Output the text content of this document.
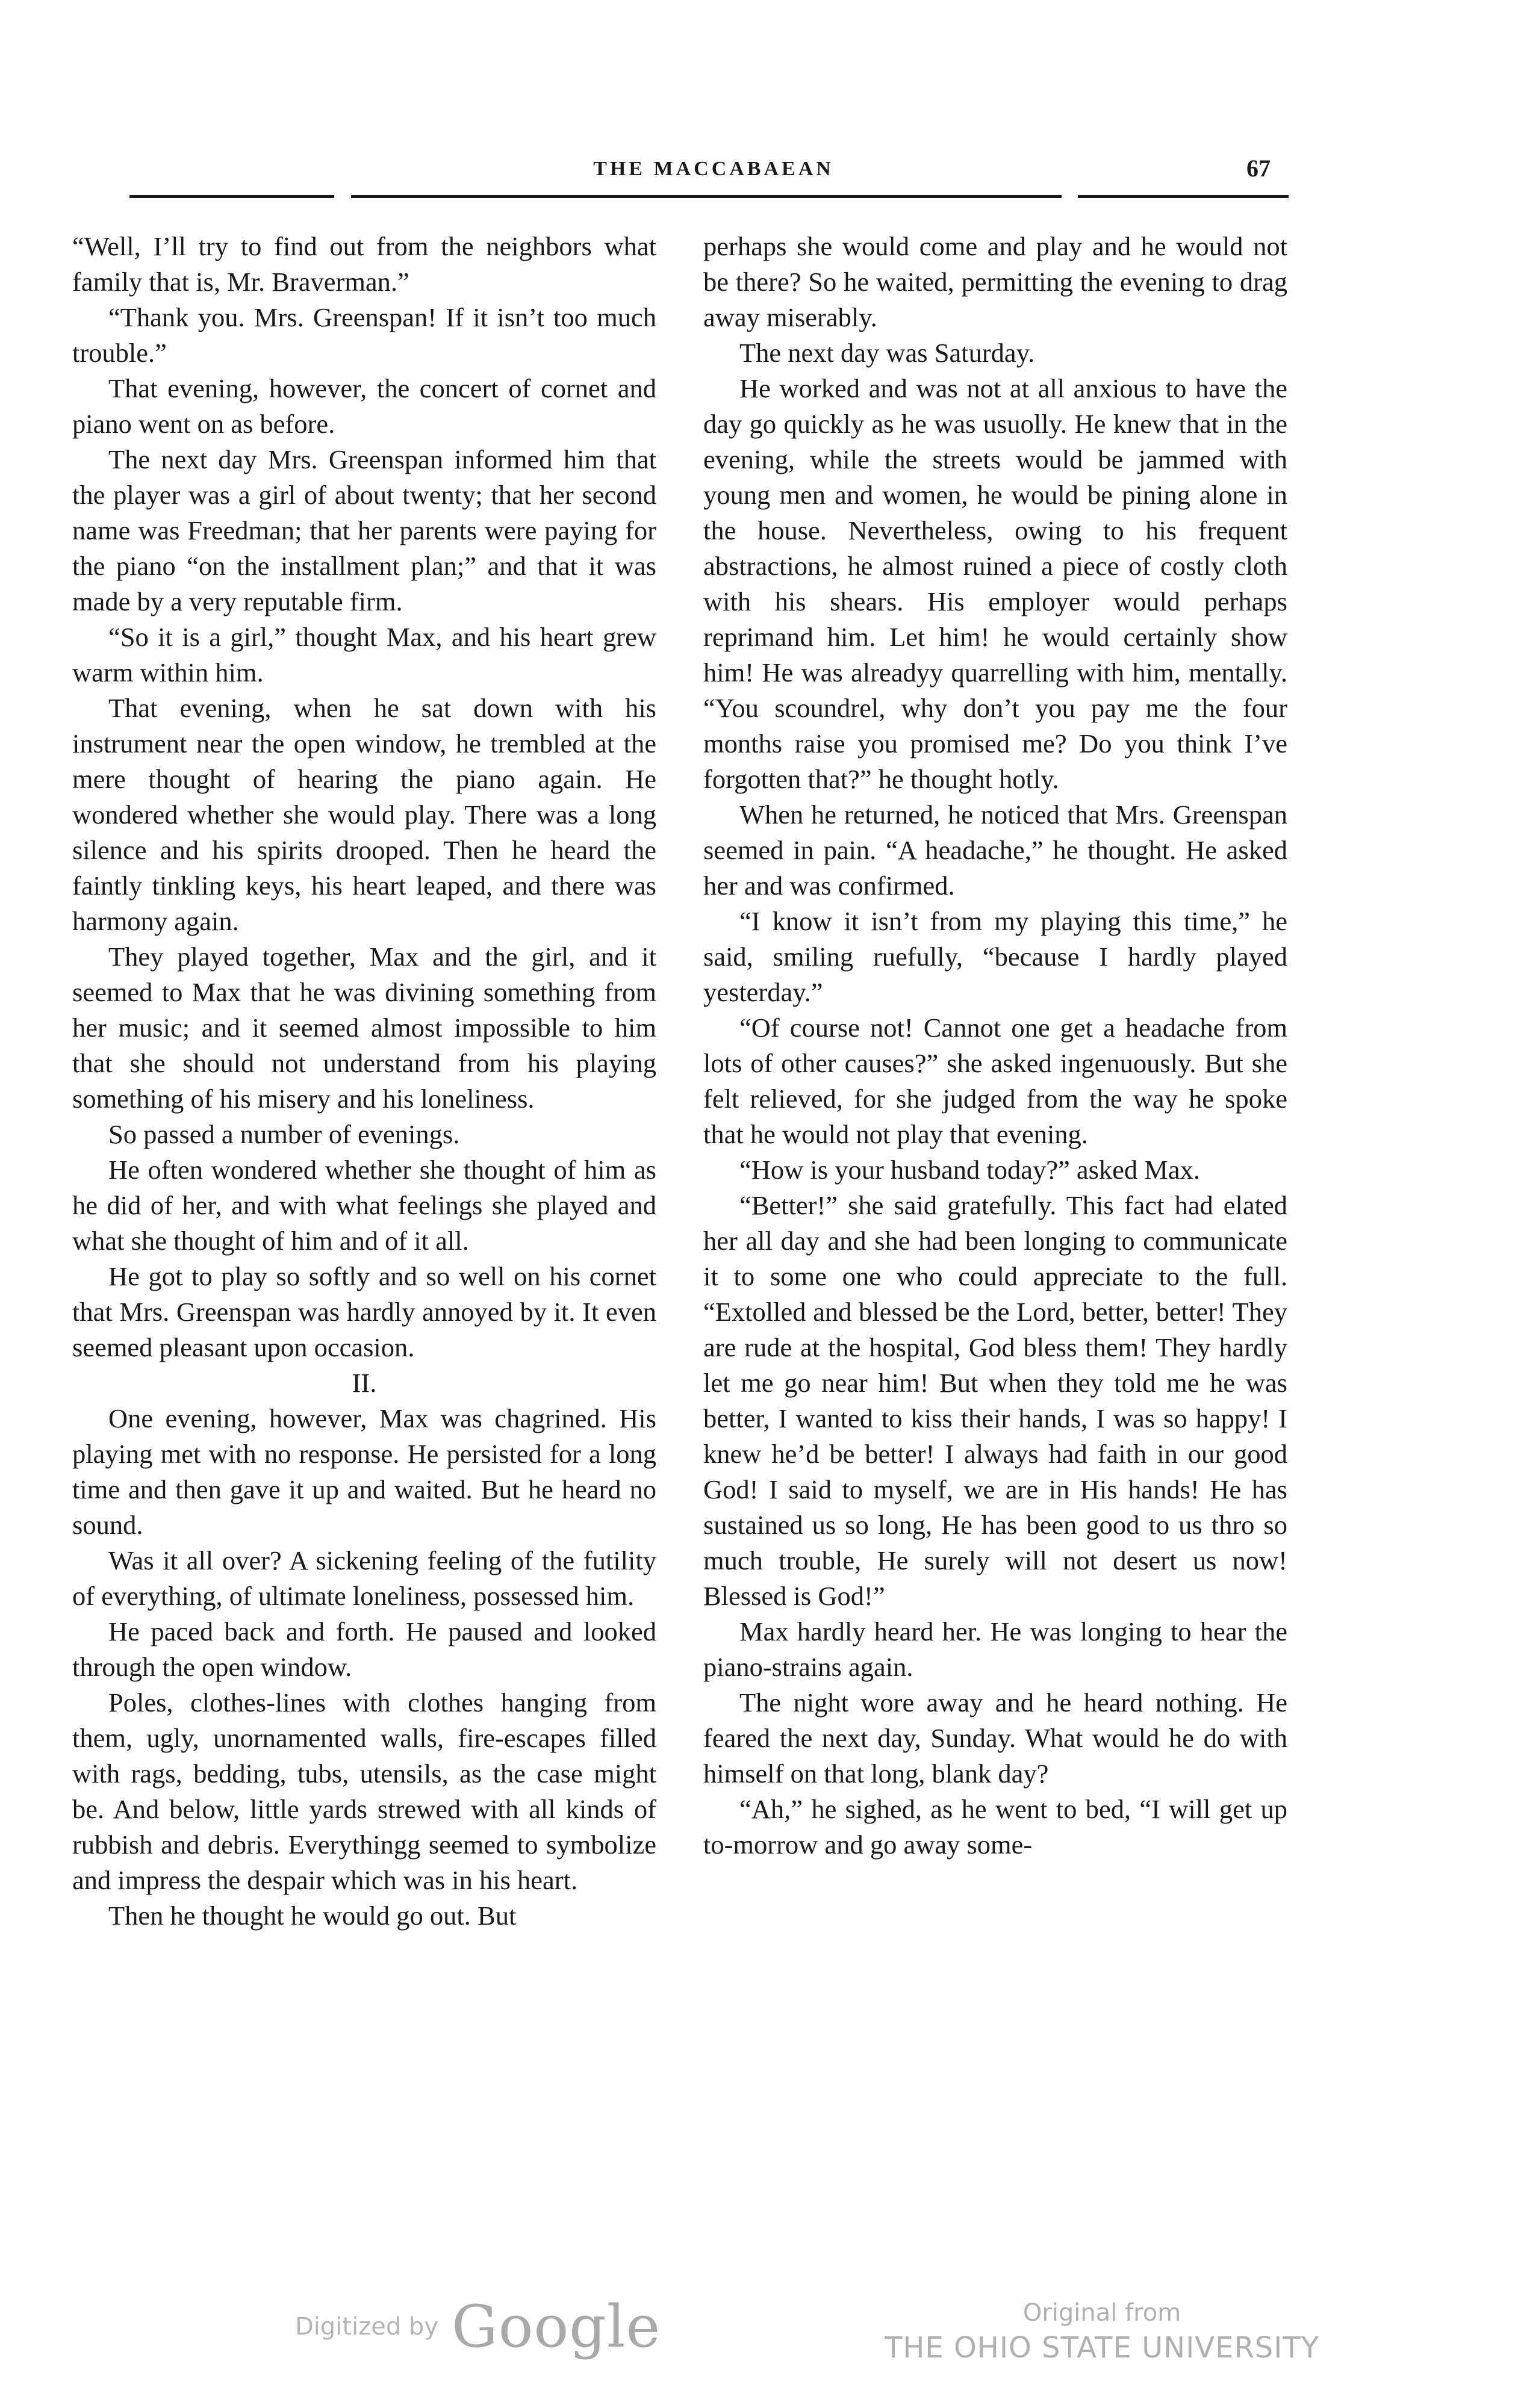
THE MACCABAEAN	67

“Well, I’ll try to find out from the neighbors what family that is, Mr. Braverman.”

“Thank you. Mrs. Greenspan! If it isn’t too much trouble.”

That evening, however, the concert of cornet and piano went on as before.

The next day Mrs. Greenspan informed him that the player was a girl of about twenty; that her second name was Freedman; that her parents were paying for the piano “on the installment plan;” and that it was made by a very reputable firm.

“So it is a girl,” thought Max, and his heart grew warm within him.

That evening, when he sat down with his instrument near the open window, he trembled at the mere thought of hearing the piano again. He wondered whether she would play. There was a long silence and his spirits drooped. Then he heard the faintly tinkling keys, his heart leaped, and there was harmony again.

They played together, Max and the girl, and it seemed to Max that he was divining something from her music; and it seemed almost impossible to him that she should not understand from his playing something of his misery and his loneliness.

So passed a number of evenings.

He often wondered whether she thought of him as he did of her, and with what feelings she played and what she thought of him and of it all.

He got to play so softly and so well on his cornet that Mrs. Greenspan was hardly annoyed by it. It even seemed pleasant upon occasion.

II.

One evening, however, Max was chagrined. His playing met with no response. He persisted for a long time and then gave it up and waited. But he heard no sound.

Was it all over? A sickening feeling of the futility of everything, of ultimate loneliness, possessed him.

He paced back and forth. He paused and looked through the open window.

Poles, clothes-lines with clothes hanging from them, ugly, unornamented walls, fire-escapes filled with rags, bedding, tubs, utensils, as the case might be. And below, little yards strewed with all kinds of rubbish and debris. Everythingg seemed to symbolize and impress the despair which was in his heart.

Then he thought he would go out. But

perhaps she would come and play and he would not be there? So he waited, permitting the evening to drag away miserably.

The next day was Saturday.

He worked and was not at all anxious to have the day go quickly as he was usuolly. He knew that in the evening, while the streets would be jammed with young men and women, he would be pining alone in the house. Nevertheless, owing to his frequent abstractions, he almost ruined a piece of costly cloth with his shears. His employer would perhaps reprimand him. Let him! he would certainly show him! He was alreadyy quarrelling with him, mentally. “You scoundrel, why don’t you pay me the four months raise you promised me? Do you think I’ve forgotten that?” he thought hotly.

When he returned, he noticed that Mrs. Greenspan seemed in pain. “A headache,” he thought. He asked her and was confirmed.

“I know it isn’t from my playing this time,” he said, smiling ruefully, “because I hardly played yesterday.”

“Of course not! Cannot one get a headache from lots of other causes?” she asked ingenuously. But she felt relieved, for she judged from the way he spoke that he would not play that evening.

“How is your husband today?” asked Max.

“Better!” she said gratefully. This fact had elated her all day and she had been longing to communicate it to some one who could appreciate to the full. “Extolled and blessed be the Lord, better, better! They are rude at the hospital, God bless them! They hardly let me go near him! But when they told me he was better, I wanted to kiss their hands, I was so happy! I knew he’d be better! I always had faith in our good God! I said to myself, we are in His hands! He has sustained us so long, He has been good to us thro so much trouble, He surely will not desert us now! Blessed is God!”

Max hardly heard her. He was longing to hear the piano-strains again.

The night wore away and he heard nothing. He feared the next day, Sunday. What would he do with himself on that long, blank day?

“Ah,” he sighed, as he went to bed, “I will get up to-morrow and go away some-

Digitized by Google	Original from
THE OHIO STATE UNIVERSITY
